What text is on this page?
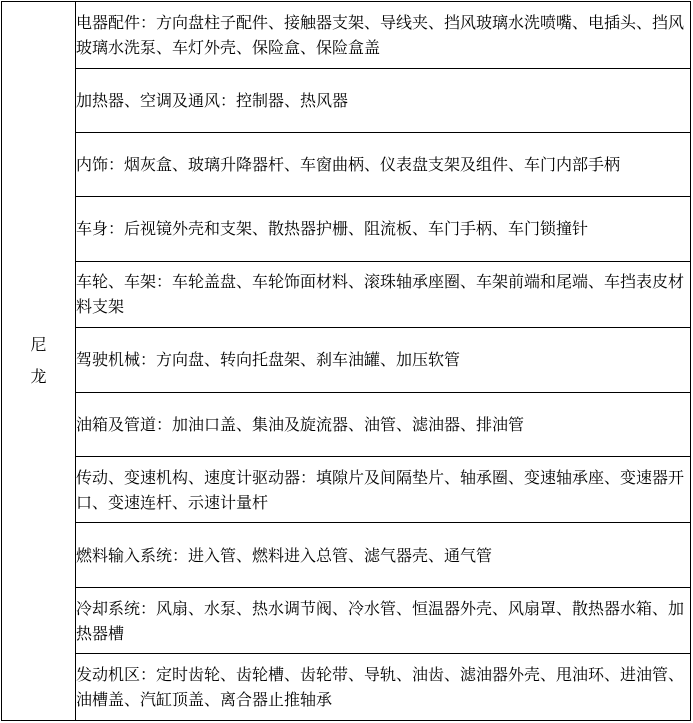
尼
龙
	电器配件：方向盘柱子配件、接触器支架、导线夹、挡风玻璃水洗喷嘴、电插头、挡风玻璃水洗泵、车灯外壳、保险盒、保险盒盖
加热器、空调及通风：控制器、热风器
内饰：烟灰盒、玻璃升降器杆、车窗曲柄、仪表盘支架及组件、车门内部手柄
车身：后视镜外壳和支架、散热器护栅、阻流板、车门手柄、车门锁撞针
车轮、车架：车轮盖盘、车轮饰面材料、滚珠轴承座圈、车架前端和尾端、车挡表皮材料支架
驾驶机械：方向盘、转向托盘架、刹车油罐、加压软管
油箱及管道：加油口盖、集油及旋流器、油管、滤油器、排油管
传动、变速机构、速度计驱动器：填隙片及间隔垫片、轴承圈、变速轴承座、变速器开口、变速连杆、示速计量杆
燃料输入系统：进入管、燃料进入总管、滤气器壳、通气管
冷却系统：风扇、水泵、热水调节阀、冷水管、恒温器外壳、风扇罩、散热器水箱、加热器槽
发动机区：定时齿轮、齿轮槽、齿轮带、导轨、油齿、滤油器外壳、甩油环、进油管、油槽盖、汽缸顶盖、离合器止推轴承
